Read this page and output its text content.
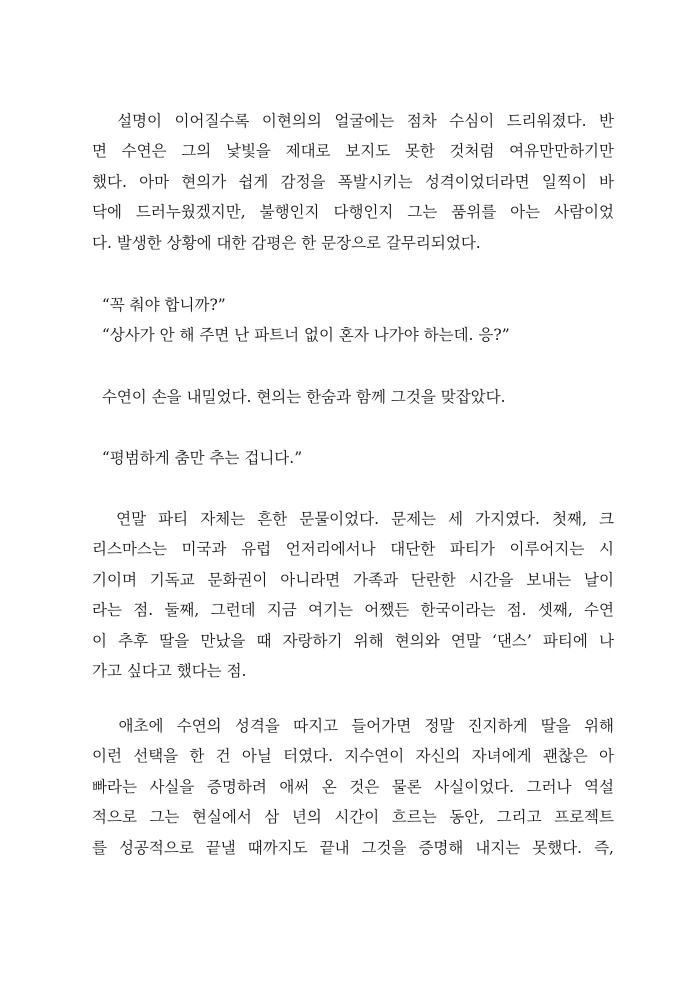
설명이 이어질수록 이현의의 얼굴에는 점차 수심이 드리워졌다. 반
면 수연은 그의 낯빛을 제대로 보지도 못한 것처럼 여유만만하기만
했다. 아마 현의가 쉽게 감정을 폭발시키는 성격이었더라면 일찍이 바
닥에 드러누웠겠지만, 불행인지 다행인지 그는 품위를 아는 사람이었
다. 발생한 상황에 대한 감평은 한 문장으로 갈무리되었다.
“꼭 춰야 합니까?”
“상사가 안 해 주면 난 파트너 없이 혼자 나가야 하는데. 응?”
수연이 손을 내밀었다. 현의는 한숨과 함께 그것을 맞잡았다.
“평범하게 춤만 추는 겁니다.”
연말 파티 자체는 흔한 문물이었다. 문제는 세 가지였다. 첫째, 크
리스마스는 미국과 유럽 언저리에서나 대단한 파티가 이루어지는 시
기이며 기독교 문화권이 아니라면 가족과 단란한 시간을 보내는 날이
라는 점. 둘째, 그런데 지금 여기는 어쨌든 한국이라는 점. 셋째, 수연
이 추후 딸을 만났을 때 자랑하기 위해 현의와 연말 ‘댄스’ 파티에 나
가고 싶다고 했다는 점.
애초에 수연의 성격을 따지고 들어가면 정말 진지하게 딸을 위해
이런 선택을 한 건 아닐 터였다. 지수연이 자신의 자녀에게 괜찮은 아
빠라는 사실을 증명하려 애써 온 것은 물론 사실이었다. 그러나 역설
적으로 그는 현실에서 삼 년의 시간이 흐르는 동안, 그리고 프로젝트
를 성공적으로 끝낼 때까지도 끝내 그것을 증명해 내지는 못했다. 즉,
